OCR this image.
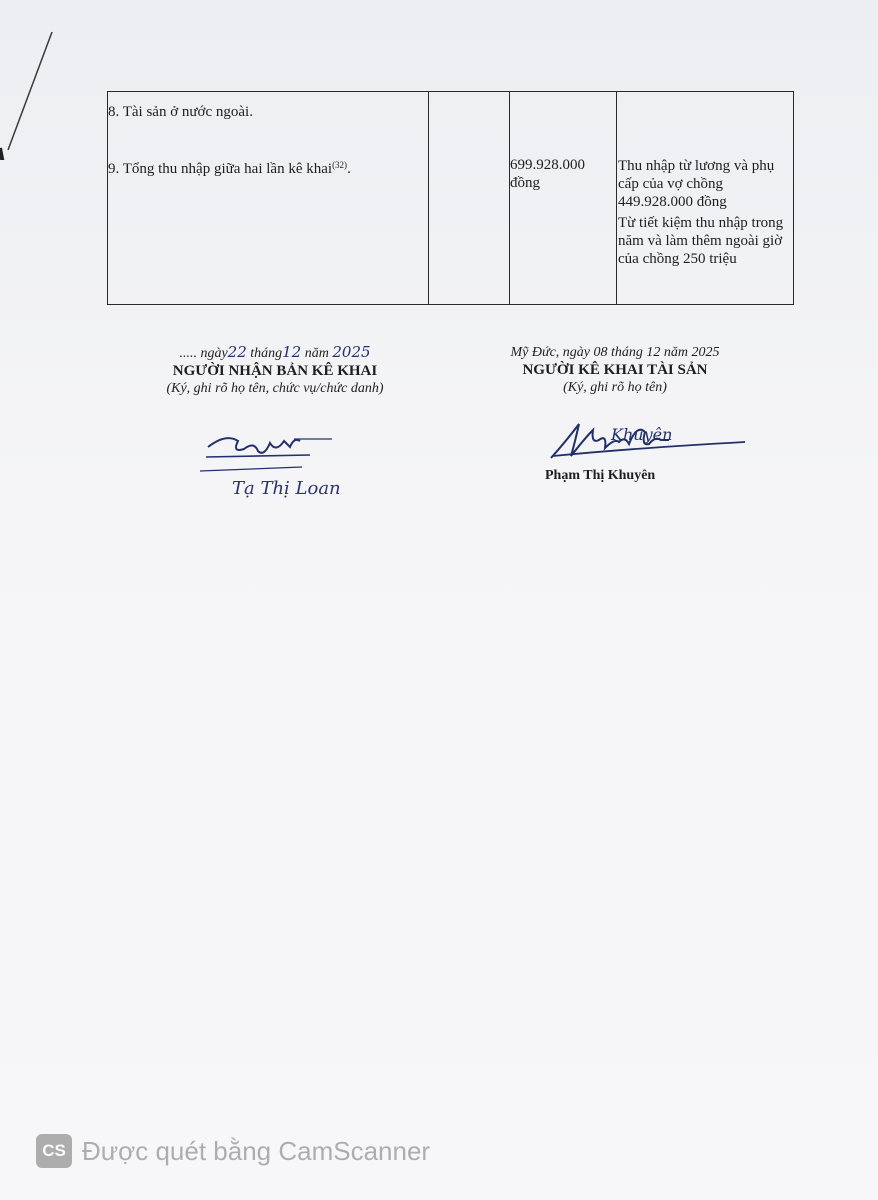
8. Tài sản ở nước ngoài.
9. Tổng thu nhập giữa hai lần kê khai$^{(32)}$.	699.928.000 đồng

Thu nhập từ lương và phụ cấp của vợ chồng 449.928.000 đồng

Từ tiết kiệm thu nhập trong năm và làm thêm ngoài giờ của chồng 250 triệu

..... ngày22 tháng12 năm 2025
NGƯỜI NHẬN BẢN KÊ KHAI
(Ký, ghi rõ họ tên, chức vụ/chức danh)
Tạ Thị Loan
Mỹ Đức, ngày 08 tháng 12 năm 2025
NGƯỜI KÊ KHAI TÀI SẢN
(Ký, ghi rõ họ tên)
Khuyên
Phạm Thị Khuyên
CS Được quét bằng CamScanner
